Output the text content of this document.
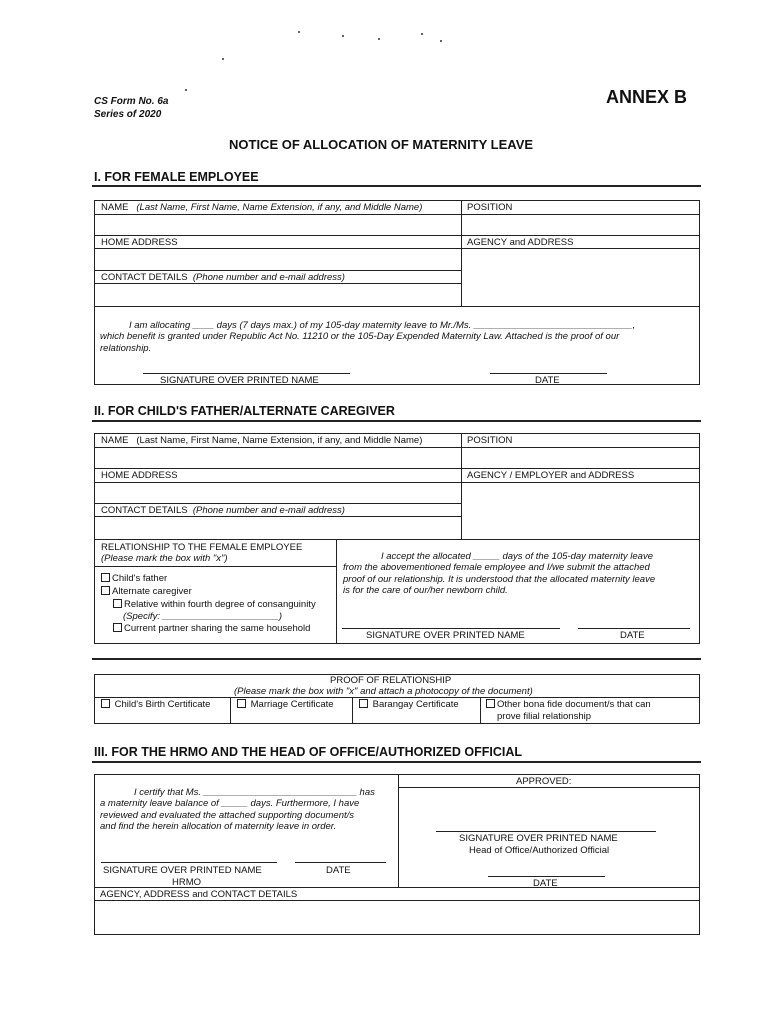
CS Form No. 6a
Series of 2020
ANNEX B
NOTICE OF ALLOCATION OF MATERNITY LEAVE
I. FOR FEMALE EMPLOYEE
NAME (Last Name, First Name, Name Extension, if any, and Middle Name)	POSITION
HOME ADDRESS	AGENCY and ADDRESS
CONTACT DETAILS (Phone number and e-mail address)
I am allocating ____ days (7 days max.) of my 105-day maternity leave to Mr./Ms. ______________________________,
which benefit is granted under Republic Act No. 11210 or the 105-Day Expended Maternity Law. Attached is the proof of our
relationship.
SIGNATURE OVER PRINTED NAME	DATE
II. FOR CHILD'S FATHER/ALTERNATE CAREGIVER
NAME (Last Name, First Name, Name Extension, if any, and Middle Name)	POSITION
HOME ADDRESS	AGENCY / EMPLOYER and ADDRESS
CONTACT DETAILS (Phone number and e-mail address)
RELATIONSHIP TO THE FEMALE EMPLOYEE
(Please mark the box with "x")
Child's father
Alternate caregiver
Relative within fourth degree of consanguinity
(Specify: ______________________)
Current partner sharing the same household
I accept the allocated _____ days of the 105-day maternity leave
from the abovementioned female employee and I/we submit the attached
proof of our relationship. It is understood that the allocated maternity leave
is for the care of our/her newborn child.
SIGNATURE OVER PRINTED NAME	DATE
PROOF OF RELATIONSHIP
(Please mark the box with "x" and attach a photocopy of the document)
Child's Birth Certificate	Marriage Certificate	Barangay Certificate	Other bona fide document/s that can
prove filial relationship
III. FOR THE HRMO AND THE HEAD OF OFFICE/AUTHORIZED OFFICIAL
I certify that Ms. _____________________________ has
a maternity leave balance of _____ days. Furthermore, I have
reviewed and evaluated the attached supporting document/s
and find the herein allocation of maternity leave in order.
SIGNATURE OVER PRINTED NAME	DATE
HRMO
APPROVED:
SIGNATURE OVER PRINTED NAME
Head of Office/Authorized Official
DATE
AGENCY, ADDRESS and CONTACT DETAILS
